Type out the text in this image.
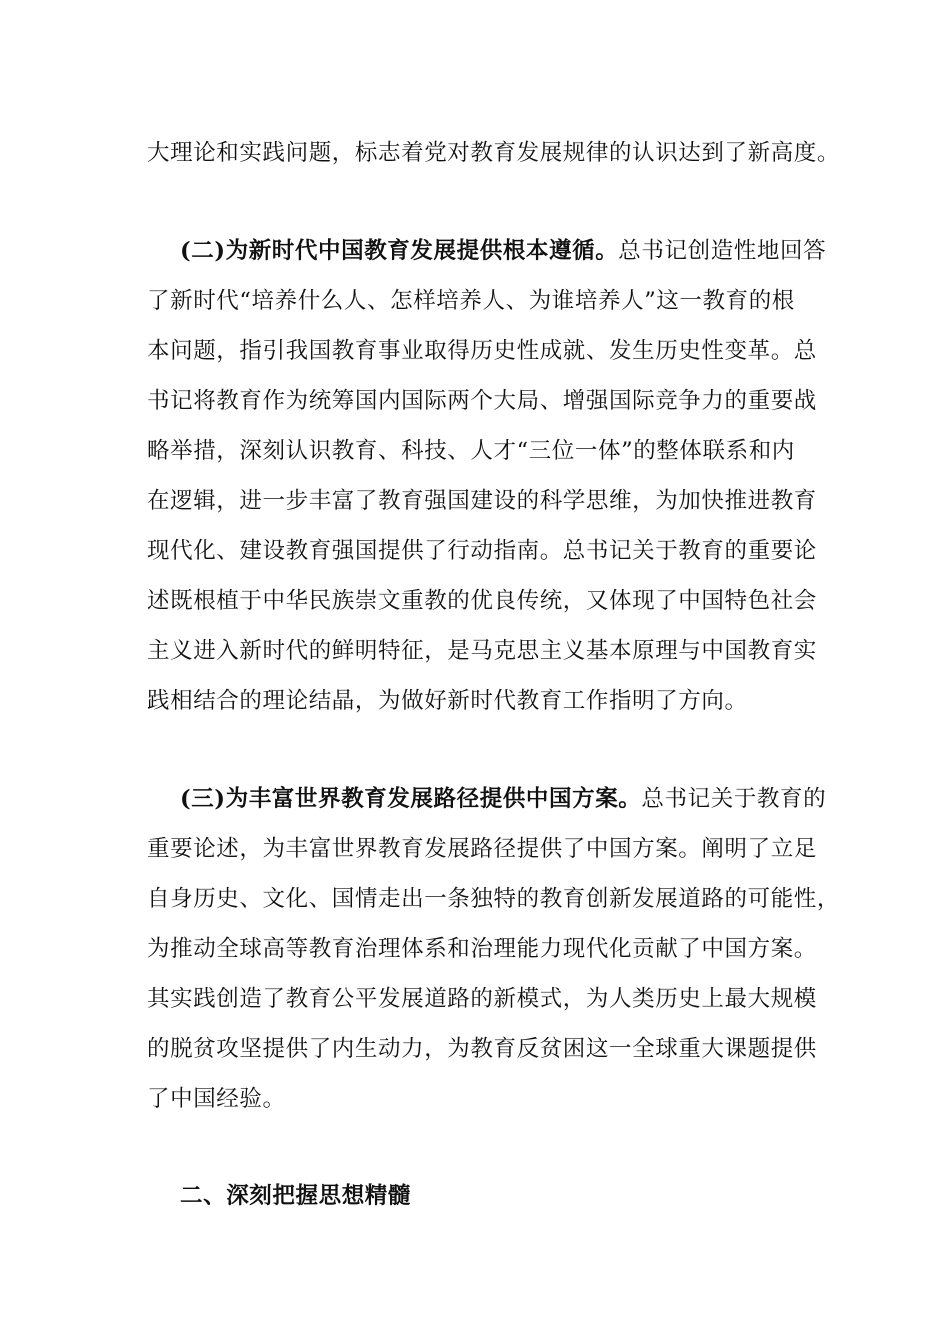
大理论和实践问题，标志着党对教育发展规律的认识达到了新高度。
(二)为新时代中国教育发展提供根本遵循。总书记创造性地回答
了新时代“培养什么人、怎样培养人、为谁培养人”这一教育的根
本问题，指引我国教育事业取得历史性成就、发生历史性变革。总
书记将教育作为统筹国内国际两个大局、增强国际竞争力的重要战
略举措，深刻认识教育、科技、人才“三位一体”的整体联系和内
在逻辑，进一步丰富了教育强国建设的科学思维，为加快推进教育
现代化、建设教育强国提供了行动指南。总书记关于教育的重要论
述既根植于中华民族崇文重教的优良传统，又体现了中国特色社会
主义进入新时代的鲜明特征，是马克思主义基本原理与中国教育实
践相结合的理论结晶，为做好新时代教育工作指明了方向。
(三)为丰富世界教育发展路径提供中国方案。总书记关于教育的
重要论述，为丰富世界教育发展路径提供了中国方案。阐明了立足
自身历史、文化、国情走出一条独特的教育创新发展道路的可能性，
为推动全球高等教育治理体系和治理能力现代化贡献了中国方案。
其实践创造了教育公平发展道路的新模式，为人类历史上最大规模
的脱贫攻坚提供了内生动力，为教育反贫困这一全球重大课题提供
了中国经验。
二、深刻把握思想精髓
